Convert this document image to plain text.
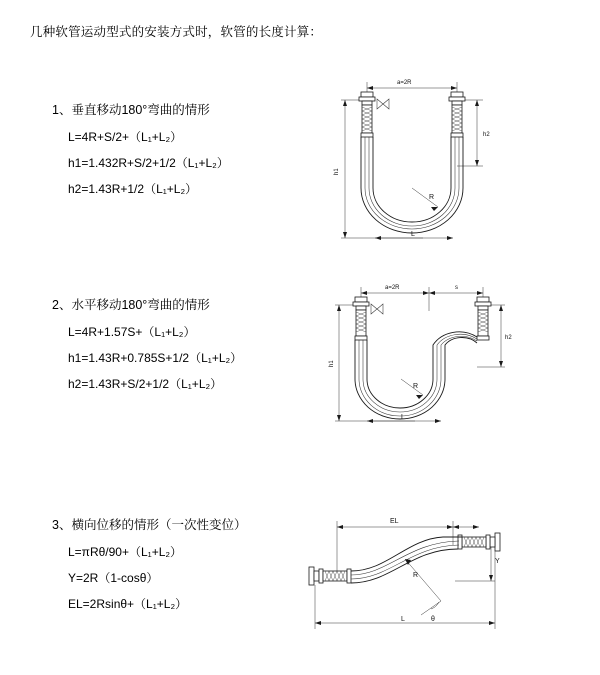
几种软管运动型式的安装方式时，软管的长度计算：
1、垂直移动180°弯曲的情形
L=4R+S/2+（L₁+L₂）
h1=1.432R+S/2+1/2（L₁+L₂）
h2=1.43R+1/2（L₁+L₂）
a=2R
h1
h2
R
L
2、水平移动180°弯曲的情形
L=4R+1.57S+（L₁+L₂）
h1=1.43R+0.785S+1/2（L₁+L₂）
h2=1.43R+S/2+1/2（L₁+L₂）
a=2R	s
h1
h2
R
L
3、横向位移的情形（一次性变位）
L=πRθ/90+（L₁+L₂）
Y=2R（1-cosθ）
EL=2Rsinθ+（L₁+L₂）
EL
Y
R
θ
L
